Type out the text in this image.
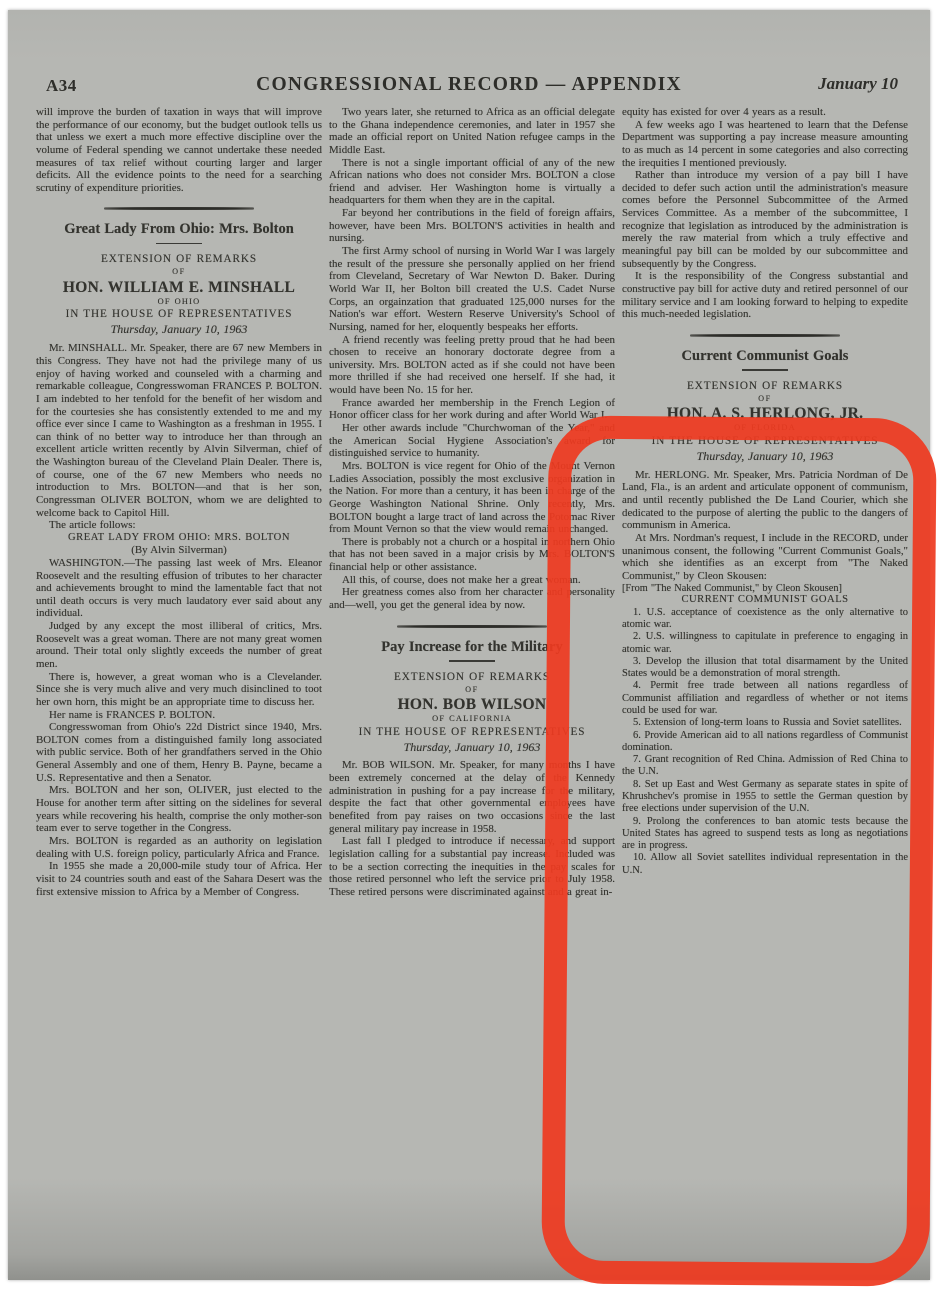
A34	CONGRESSIONAL RECORD — APPENDIX	January 10
will improve the burden of taxation in ways that will improve the performance of our economy, but the budget outlook tells us that unless we exert a much more effective discipline over the volume of Federal spending we cannot undertake these needed measures of tax relief without courting larger and larger deficits. All the evidence points to the need for a searching scrutiny of expenditure priorities.
Great Lady From Ohio: Mrs. Bolton
EXTENSION OF REMARKS
OF
HON. WILLIAM E. MINSHALL
OF OHIO
IN THE HOUSE OF REPRESENTATIVES
Thursday, January 10, 1963
Mr. MINSHALL. Mr. Speaker, there are 67 new Members in this Congress. They have not had the privilege many of us enjoy of having worked and counseled with a charming and remarkable colleague, Congresswoman FRANCES P. BOLTON. I am indebted to her tenfold for the benefit of her wisdom and for the courtesies she has consistently extended to me and my office ever since I came to Washington as a freshman in 1955. I can think of no better way to introduce her than through an excellent article written recently by Alvin Silverman, chief of the Washington bureau of the Cleveland Plain Dealer. There is, of course, one of the 67 new Members who needs no introduction to Mrs. BOLTON—and that is her son, Congressman OLIVER BOLTON, whom we are delighted to welcome back to Capitol Hill.
The article follows:
GREAT LADY FROM OHIO: MRS. BOLTON
(By Alvin Silverman)
WASHINGTON.—The passing last week of Mrs. Eleanor Roosevelt and the resulting effusion of tributes to her character and achievements brought to mind the lamentable fact that not until death occurs is very much laudatory ever said about any individual.
Judged by any except the most illiberal of critics, Mrs. Roosevelt was a great woman. There are not many great women around. Their total only slightly exceeds the number of great men.
There is, however, a great woman who is a Clevelander. Since she is very much alive and very much disinclined to toot her own horn, this might be an appropriate time to discuss her.
Her name is FRANCES P. BOLTON.
Congresswoman from Ohio's 22d District since 1940, Mrs. BOLTON comes from a distinguished family long associated with public service. Both of her grandfathers served in the Ohio General Assembly and one of them, Henry B. Payne, became a U.S. Representative and then a Senator.
Mrs. BOLTON and her son, OLIVER, just elected to the House for another term after sitting on the sidelines for several years while recovering his health, comprise the only mother-son team ever to serve together in the Congress.
Mrs. BOLTON is regarded as an authority on legislation dealing with U.S. foreign policy, particularly Africa and France.
In 1955 she made a 20,000-mile study tour of Africa. Her visit to 24 countries south and east of the Sahara Desert was the first extensive mission to Africa by a Member of Congress.
Two years later, she returned to Africa as an official delegate to the Ghana independence ceremonies, and later in 1957 she made an official report on United Nation refugee camps in the Middle East.
There is not a single important official of any of the new African nations who does not consider Mrs. BOLTON a close friend and adviser. Her Washington home is virtually a headquarters for them when they are in the capital.
Far beyond her contributions in the field of foreign affairs, however, have been Mrs. BOLTON'S activities in health and nursing.
The first Army school of nursing in World War I was largely the result of the pressure she personally applied on her friend from Cleveland, Secretary of War Newton D. Baker. During World War II, her Bolton bill created the U.S. Cadet Nurse Corps, an orgainzation that graduated 125,000 nurses for the Nation's war effort. Western Reserve University's School of Nursing, named for her, eloquently bespeaks her efforts.
A friend recently was feeling pretty proud that he had been chosen to receive an honorary doctorate degree from a university. Mrs. BOLTON acted as if she could not have been more thrilled if she had received one herself. If she had, it would have been No. 15 for her.
France awarded her membership in the French Legion of Honor officer class for her work during and after World War I.
Her other awards include "Churchwoman of the Year," and the American Social Hygiene Association's award for distinguished service to humanity.
Mrs. BOLTON is vice regent for Ohio of the Mount Vernon Ladies Association, possibly the most exclusive organization in the Nation. For more than a century, it has been in charge of the George Washington National Shrine. Only recently, Mrs. BOLTON bought a large tract of land across the Potomac River from Mount Vernon so that the view would remain unchanged.
There is probably not a church or a hospital in northern Ohio that has not been saved in a major crisis by Mrs. BOLTON'S financial help or other assistance.
All this, of course, does not make her a great woman.
Her greatness comes also from her character and personality and—well, you get the general idea by now.
Pay Increase for the Military
EXTENSION OF REMARKS
OF
HON. BOB WILSON
OF CALIFORNIA
IN THE HOUSE OF REPRESENTATIVES
Thursday, January 10, 1963
Mr. BOB WILSON. Mr. Speaker, for many months I have been extremely concerned at the delay of the Kennedy administration in pushing for a pay increase for the military, despite the fact that other governmental employees have benefited from pay raises on two occasions since the last general military pay increase in 1958.
Last fall I pledged to introduce if necessary, and support legislation calling for a substantial pay increase. Included was to be a section correcting the inequities in the pay scales for those retired personnel who left the service prior to July 1958. These retired persons were discriminated against and a great in-
equity has existed for over 4 years as a result.
A few weeks ago I was heartened to learn that the Defense Department was supporting a pay increase measure amounting to as much as 14 percent in some categories and also correcting the irequities I mentioned previously.
Rather than introduce my version of a pay bill I have decided to defer such action until the administration's measure comes before the Personnel Subcommittee of the Armed Services Committee. As a member of the subcommittee, I recognize that legislation as introduced by the administration is merely the raw material from which a truly effective and meaningful pay bill can be molded by our subcommittee and subsequently by the Congress.
It is the responsibility of the Congress substantial and constructive pay bill for active duty and retired personnel of our military service and I am looking forward to helping to expedite this much-needed legislation.
Current Communist Goals
EXTENSION OF REMARKS
OF
HON. A. S. HERLONG, JR.
OF FLORIDA
IN THE HOUSE OF REPRESENTATIVES
Thursday, January 10, 1963
Mr. HERLONG. Mr. Speaker, Mrs. Patricia Nordman of De Land, Fla., is an ardent and articulate opponent of communism, and until recently published the De Land Courier, which she dedicated to the purpose of alerting the public to the dangers of communism in America.
At Mrs. Nordman's request, I include in the RECORD, under unanimous consent, the following "Current Communist Goals," which she identifies as an excerpt from "The Naked Communist," by Cleon Skousen:
[From "The Naked Communist," by Cleon Skousen]
CURRENT COMMUNIST GOALS
1. U.S. acceptance of coexistence as the only alternative to atomic war.
2. U.S. willingness to capitulate in preference to engaging in atomic war.
3. Develop the illusion that total disarmament by the United States would be a demonstration of moral strength.
4. Permit free trade between all nations regardless of Communist affiliation and regardless of whether or not items could be used for war.
5. Extension of long-term loans to Russia and Soviet satellites.
6. Provide American aid to all nations regardless of Communist domination.
7. Grant recognition of Red China. Admission of Red China to the U.N.
8. Set up East and West Germany as separate states in spite of Khrushchev's promise in 1955 to settle the German question by free elections under supervision of the U.N.
9. Prolong the conferences to ban atomic tests because the United States has agreed to suspend tests as long as negotiations are in progress.
10. Allow all Soviet satellites individual representation in the U.N.
